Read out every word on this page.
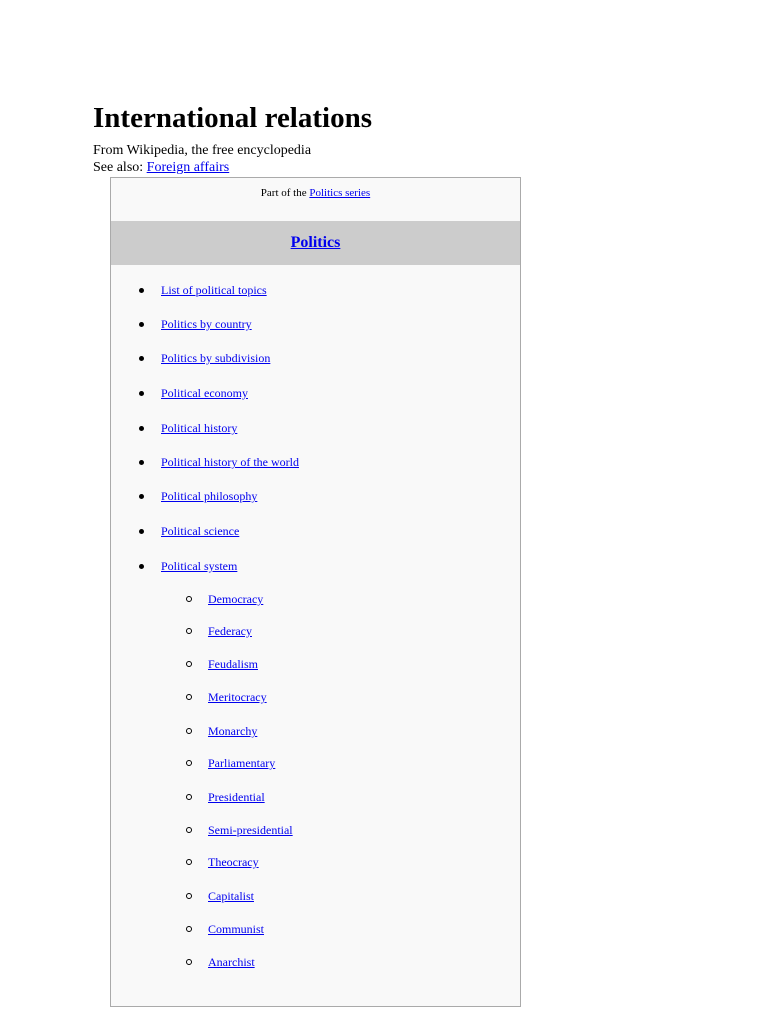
International relations
From Wikipedia, the free encyclopedia
See also: Foreign affairs
Part of the Politics series
Politics
List of political topics
Politics by country
Politics by subdivision
Political economy
Political history
Political history of the world
Political philosophy
Political science
Political system
Democracy
Federacy
Feudalism
Meritocracy
Monarchy
Parliamentary
Presidential
Semi-presidential
Theocracy
Capitalist
Communist
Anarchist
